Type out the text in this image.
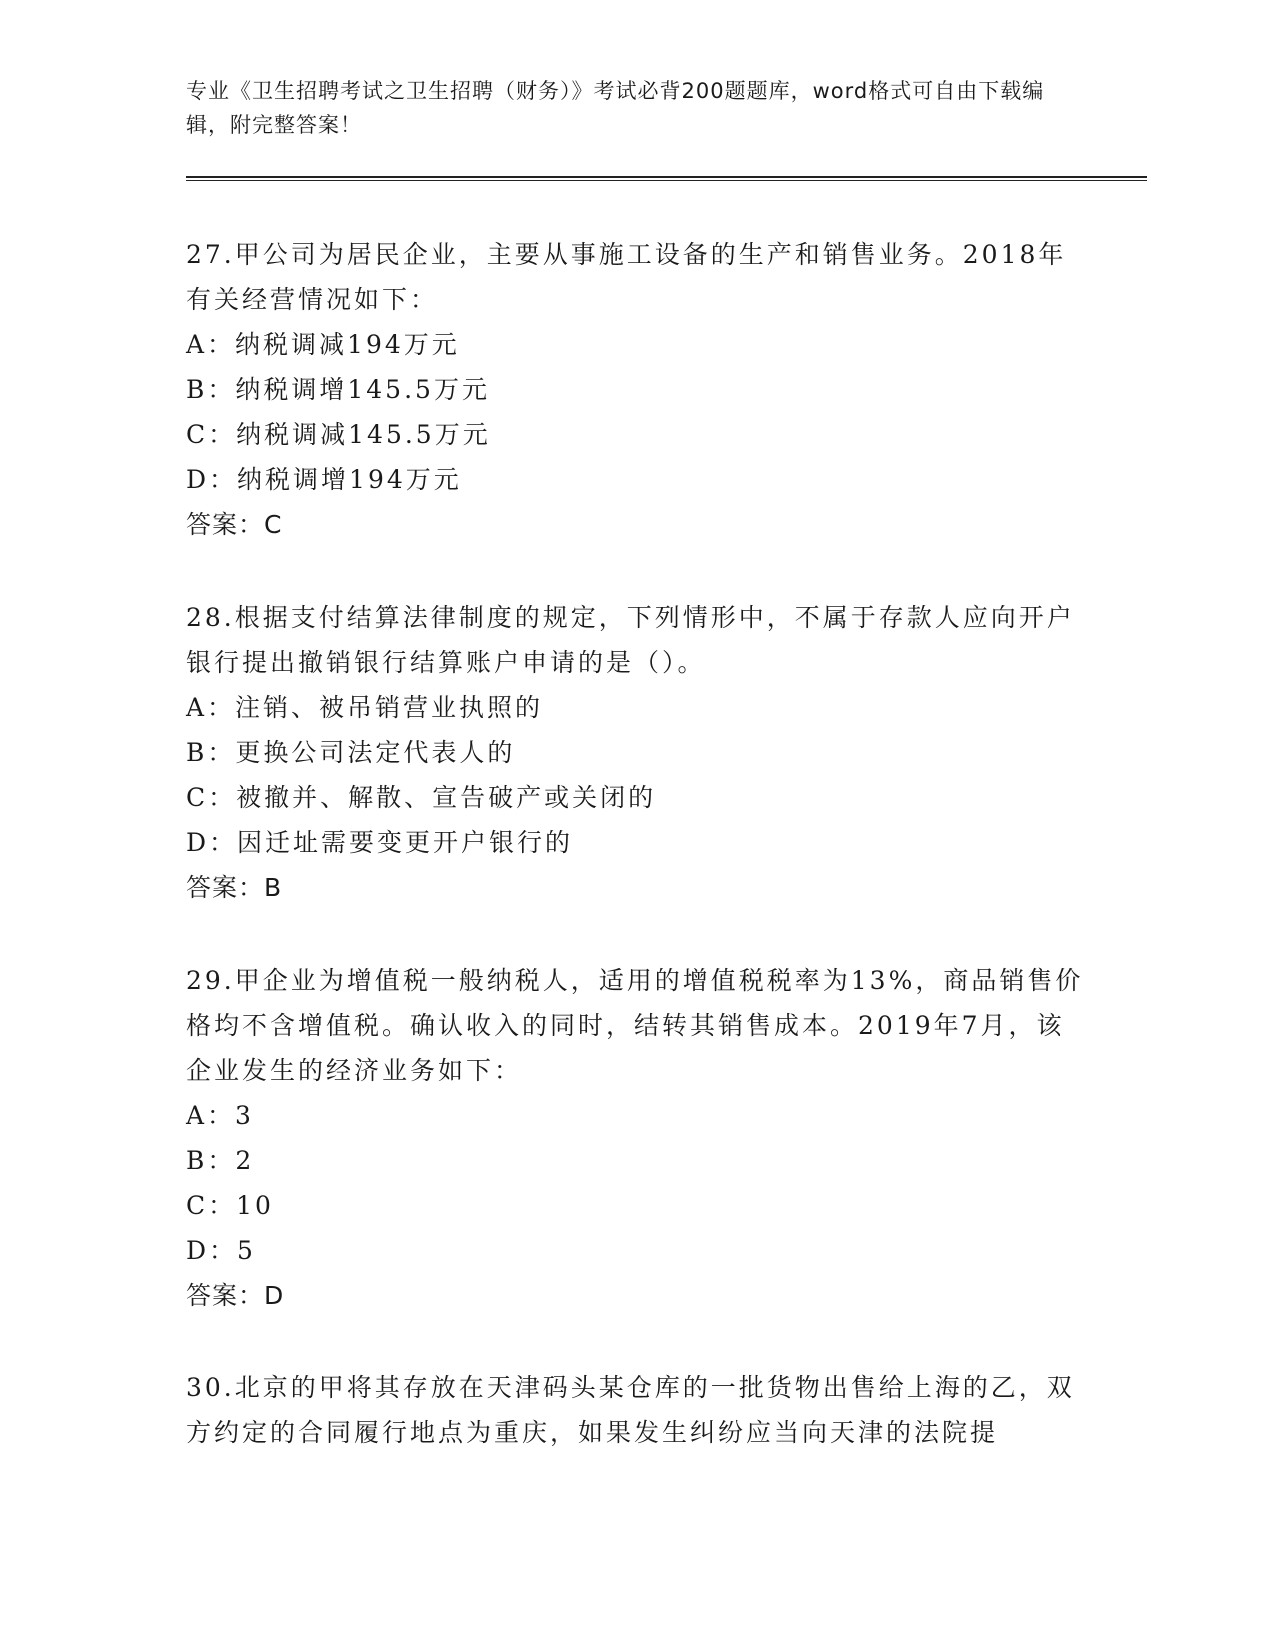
专业《卫生招聘考试之卫生招聘（财务）》考试必背200题题库，word格式可自由下载编辑，附完整答案！
27.甲公司为居民企业，主要从事施工设备的生产和销售业务。2018年有关经营情况如下：
A：纳税调减194万元
B：纳税调增145.5万元
C：纳税调减145.5万元
D：纳税调增194万元
答案：C
28.根据支付结算法律制度的规定，下列情形中，不属于存款人应向开户银行提出撤销银行结算账户申请的是（）。
A：注销、被吊销营业执照的
B：更换公司法定代表人的
C：被撤并、解散、宣告破产或关闭的
D：因迁址需要变更开户银行的
答案：B
29.甲企业为增值税一般纳税人，适用的增值税税率为13%，商品销售价格均不含增值税。确认收入的同时，结转其销售成本。2019年7月，该企业发生的经济业务如下：
A：3
B：2
C：10
D：5
答案：D
30.北京的甲将其存放在天津码头某仓库的一批货物出售给上海的乙，双方约定的合同履行地点为重庆，如果发生纠纷应当向天津的法院提
